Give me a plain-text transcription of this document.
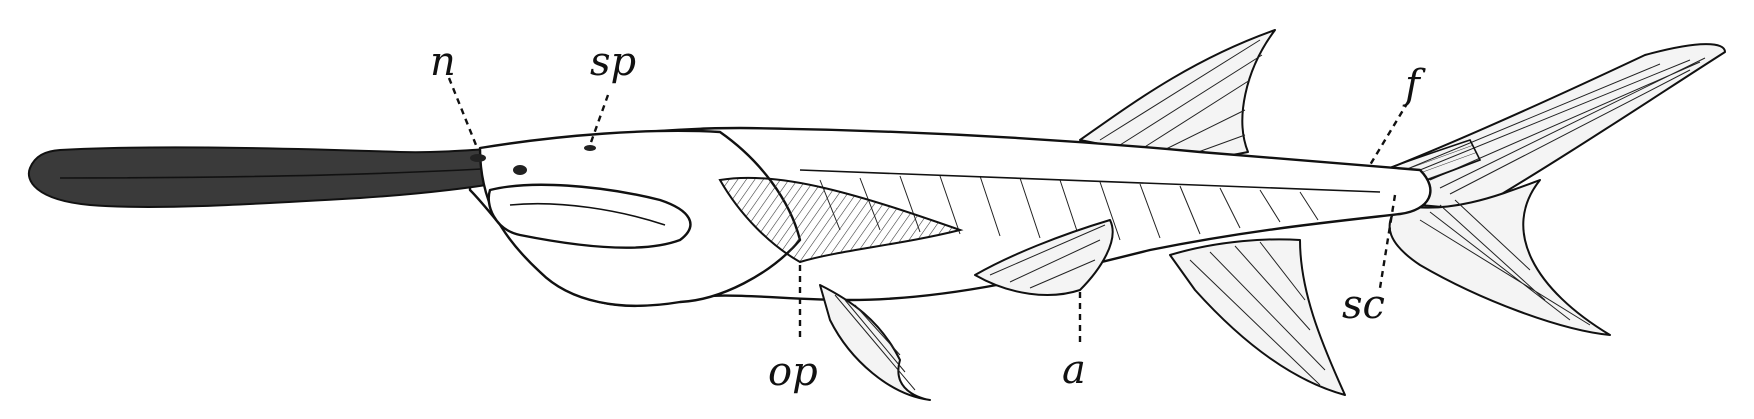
n	sp	f
op	a
sc
